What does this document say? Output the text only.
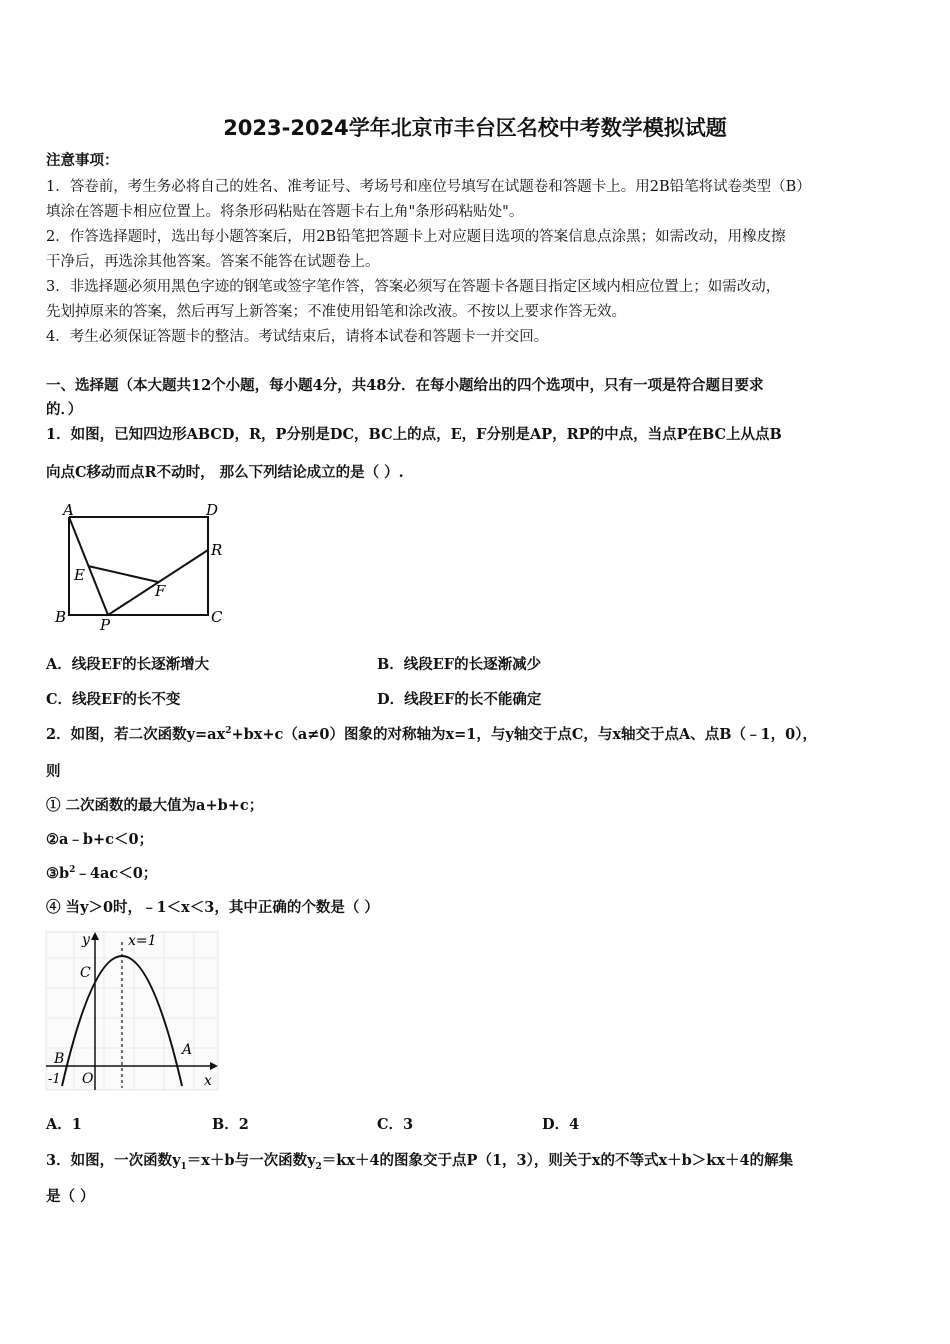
2023-2024学年北京市丰台区名校中考数学模拟试题
注意事项：
1．答卷前，考生务必将自己的姓名、准考证号、考场号和座位号填写在试题卷和答题卡上。用2B铅笔将试卷类型（B）
填涂在答题卡相应位置上。将条形码粘贴在答题卡右上角"条形码粘贴处"。
2．作答选择题时，选出每小题答案后，用2B铅笔把答题卡上对应题目选项的答案信息点涂黑；如需改动，用橡皮擦
干净后，再选涂其他答案。答案不能答在试题卷上。
3．非选择题必须用黑色字迹的钢笔或签字笔作答，答案必须写在答题卡各题目指定区域内相应位置上；如需改动，
先划掉原来的答案，然后再写上新答案；不准使用铅笔和涂改液。不按以上要求作答无效。
4．考生必须保证答题卡的整洁。考试结束后，请将本试卷和答题卡一并交回。
一、选择题（本大题共12个小题，每小题4分，共48分．在每小题给出的四个选项中，只有一项是符合题目要求
的．）
1．如图，已知四边形ABCD，R，P分别是DC，BC上的点，E，F分别是AP，RP的中点，当点P在BC上从点B
向点C移动而点R不动时， 那么下列结论成立的是（ ）.
A	D
R
E
F
B P	C
A．线段EF的长逐渐增大	B．线段EF的长逐渐减少
C．线段EF的长不变	D．线段EF的长不能确定
2．如图，若二次函数$y=ax^2+bx+c(a\ne 0)$图象的对称轴为x=1，与y轴交于点C，与x轴交于点A、点B（﹣1，0），
则
① 二次函数的最大值为a+b+c；
②a﹣b+c＜0；
$③b^2﹣4ac<0$；
④ 当y＞0时，﹣1＜x＜3，其中正确的个数是（ ）
y	x=1
C
B
A
-1 O	x
A．1	B．2	C．3	D．4
3．如图，一次函数$y_1=x+b$与一次函数$y_2=kx+4$的图象交于点P（1，3），则关于x的不等式x＋b＞kx＋4的解集
是（ ）
